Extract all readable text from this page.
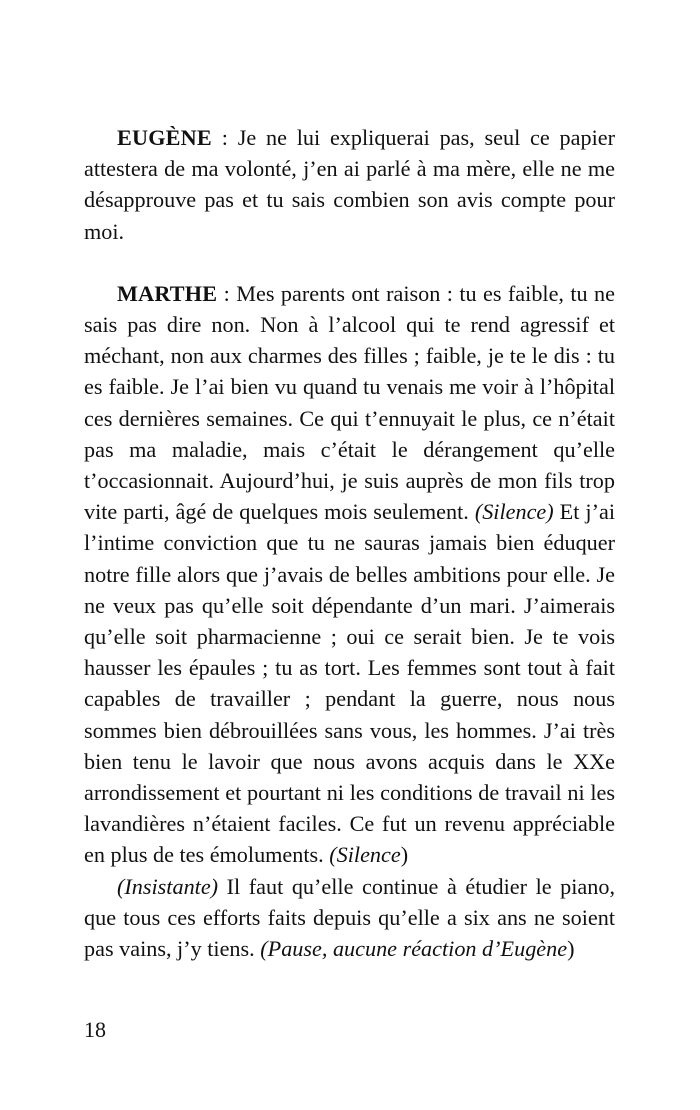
EUGÈNE : Je ne lui expliquerai pas, seul ce papier attestera de ma volonté, j’en ai parlé à ma mère, elle ne me désapprouve pas et tu sais combien son avis compte pour moi.

MARTHE : Mes parents ont raison : tu es faible, tu ne sais pas dire non. Non à l’alcool qui te rend agressif et méchant, non aux charmes des filles ; faible, je te le dis : tu es faible. Je l’ai bien vu quand tu venais me voir à l’hôpital ces dernières semaines. Ce qui t’ennuyait le plus, ce n’était pas ma maladie, mais c’était le dérangement qu’elle t’occasionnait. Aujourd’hui, je suis auprès de mon fils trop vite parti, âgé de quelques mois seulement. (Silence) Et j’ai l’intime conviction que tu ne sauras jamais bien éduquer notre fille alors que j’avais de belles ambitions pour elle. Je ne veux pas qu’elle soit dépendante d’un mari. J’aimerais qu’elle soit pharmacienne ; oui ce serait bien. Je te vois hausser les épaules ; tu as tort. Les femmes sont tout à fait capables de travailler ; pendant la guerre, nous nous sommes bien débrouillées sans vous, les hommes. J’ai très bien tenu le lavoir que nous avons acquis dans le XXe arrondissement et pourtant ni les conditions de travail ni les lavandières n’étaient faciles. Ce fut un revenu appréciable en plus de tes émoluments. (Silence)

(Insistante) Il faut qu’elle continue à étudier le piano, que tous ces efforts faits depuis qu’elle a six ans ne soient pas vains, j’y tiens. (Pause, aucune réaction d’Eugène)

18
